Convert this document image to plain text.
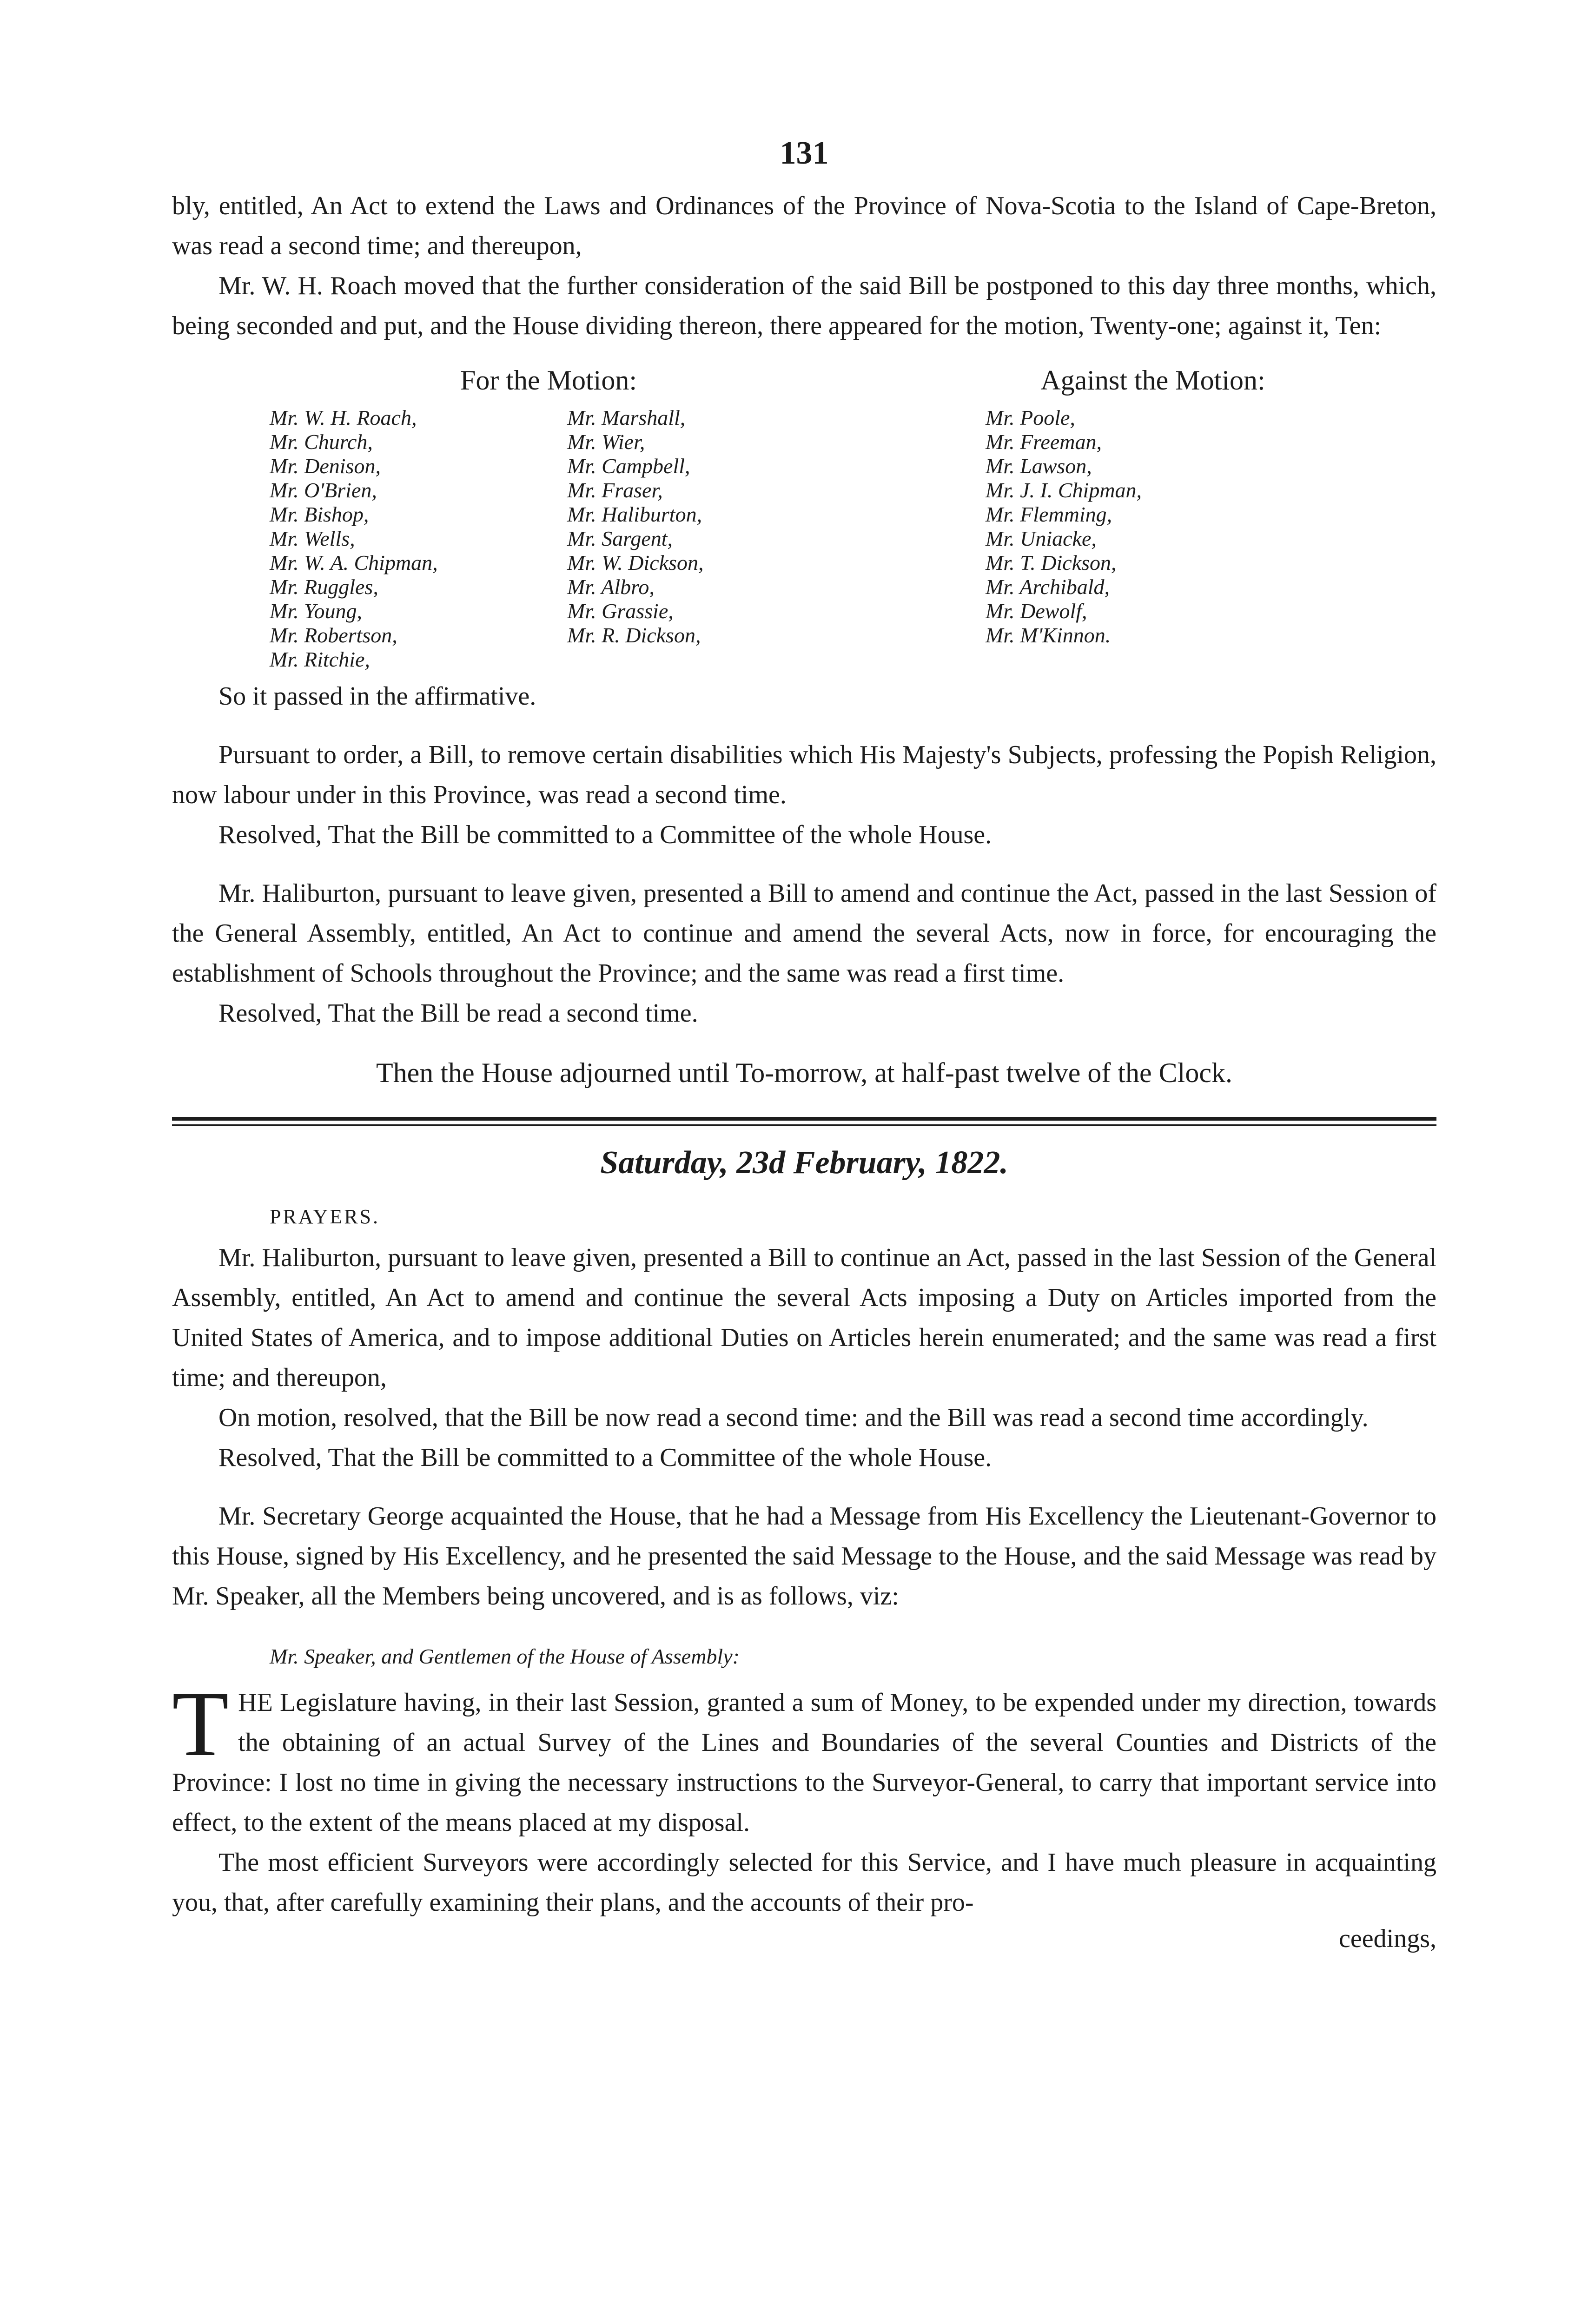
131

bly, entitled, An Act to extend the Laws and Ordinances of the Province of Nova-Scotia to the Island of Cape-Breton, was read a second time; and thereupon,

Mr. W. H. Roach moved that the further consideration of the said Bill be postponed to this day three months, which, being seconded and put, and the House dividing thereon, there appeared for the motion, Twenty-one; against it, Ten:

For the Motion:	Against the Motion:
Mr. W. H. Roach,
Mr. Church,
Mr. Denison,
Mr. O'Brien,
Mr. Bishop,
Mr. Wells,
Mr. W. A. Chipman,
Mr. Ruggles,
Mr. Young,
Mr. Robertson,
Mr. Ritchie,
Mr. Marshall,
Mr. Wier,
Mr. Campbell,
Mr. Fraser,
Mr. Haliburton,
Mr. Sargent,
Mr. W. Dickson,
Mr. Albro,
Mr. Grassie,
Mr. R. Dickson,
Mr. Poole,
Mr. Freeman,
Mr. Lawson,
Mr. J. I. Chipman,
Mr. Flemming,
Mr. Uniacke,
Mr. T. Dickson,
Mr. Archibald,
Mr. Dewolf,
Mr. M'Kinnon.

So it passed in the affirmative.

Pursuant to order, a Bill, to remove certain disabilities which His Majesty's Subjects, professing the Popish Religion, now labour under in this Province, was read a second time.

Resolved, That the Bill be committed to a Committee of the whole House.

Mr. Haliburton, pursuant to leave given, presented a Bill to amend and continue the Act, passed in the last Session of the General Assembly, entitled, An Act to continue and amend the several Acts, now in force, for encouraging the establishment of Schools throughout the Province; and the same was read a first time.

Resolved, That the Bill be read a second time.

Then the House adjourned until To-morrow, at half-past twelve of the Clock.
Saturday, 23d February, 1822.
PRAYERS.

Mr. Haliburton, pursuant to leave given, presented a Bill to continue an Act, passed in the last Session of the General Assembly, entitled, An Act to amend and continue the several Acts imposing a Duty on Articles imported from the United States of America, and to impose additional Duties on Articles herein enumerated; and the same was read a first time; and thereupon,

On motion, resolved, that the Bill be now read a second time: and the Bill was read a second time accordingly.

Resolved, That the Bill be committed to a Committee of the whole House.

Mr. Secretary George acquainted the House, that he had a Message from His Excellency the Lieutenant-Governor to this House, signed by His Excellency, and he presented the said Message to the House, and the said Message was read by Mr. Speaker, all the Members being uncovered, and is as follows, viz:

Mr. Speaker, and Gentlemen of the House of Assembly:

THE Legislature having, in their last Session, granted a sum of Money, to be expended under my direction, towards the obtaining of an actual Survey of the Lines and Boundaries of the several Counties and Districts of the Province: I lost no time in giving the necessary instructions to the Surveyor-General, to carry that important service into effect, to the extent of the means placed at my disposal.

The most efficient Surveyors were accordingly selected for this Service, and I have much pleasure in acquainting you, that, after carefully examining their plans, and the accounts of their pro-

ceedings,
